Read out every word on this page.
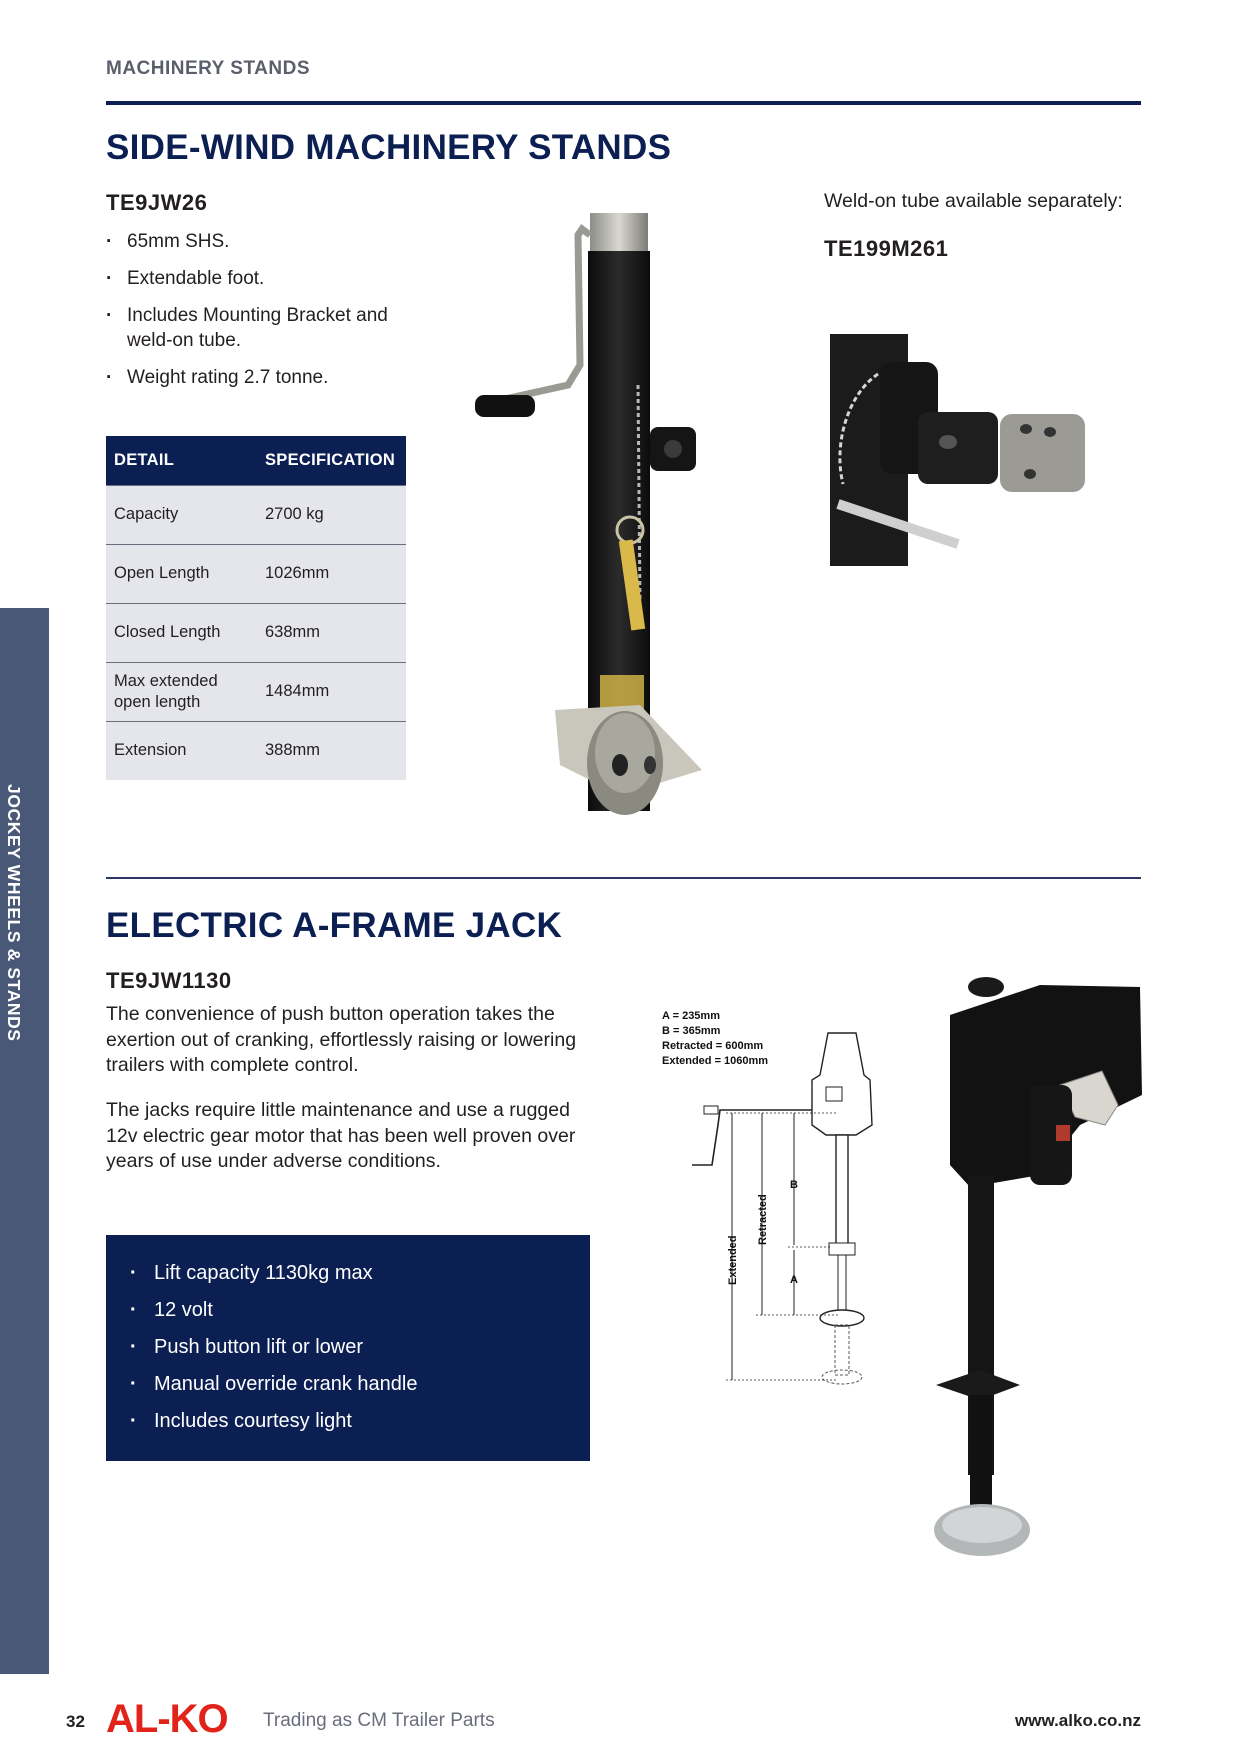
MACHINERY STANDS
SIDE-WIND MACHINERY STANDS
TE9JW26
· 65mm SHS.
· Extendable foot.
· Includes Mounting Bracket and weld-on tube.
· Weight rating 2.7 tonne.
DETAIL	SPECIFICATION
Capacity	2700 kg
Open Length	1026mm
Closed Length	638mm
Max extended open length	1484mm
Extension	388mm
Weld-on tube available separately:
TE199M261
ELECTRIC A-FRAME JACK
TE9JW1130
The convenience of push button operation takes the exertion out of cranking, effortlessly raising or lowering trailers with complete control.
The jacks require little maintenance and use a rugged 12v electric gear motor that has been well proven over years of use under adverse conditions.
· Lift capacity 1130kg max
· 12 volt
· Push button lift or lower
· Manual override crank handle
· Includes courtesy light
A = 235mm
B = 365mm
Retracted = 600mm
Extended = 1060mm
Extended
Retracted
B
A
JOCKEY WHEELS & STANDS
32 AL-KO Trading as CM Trailer Parts	www.alko.co.nz
